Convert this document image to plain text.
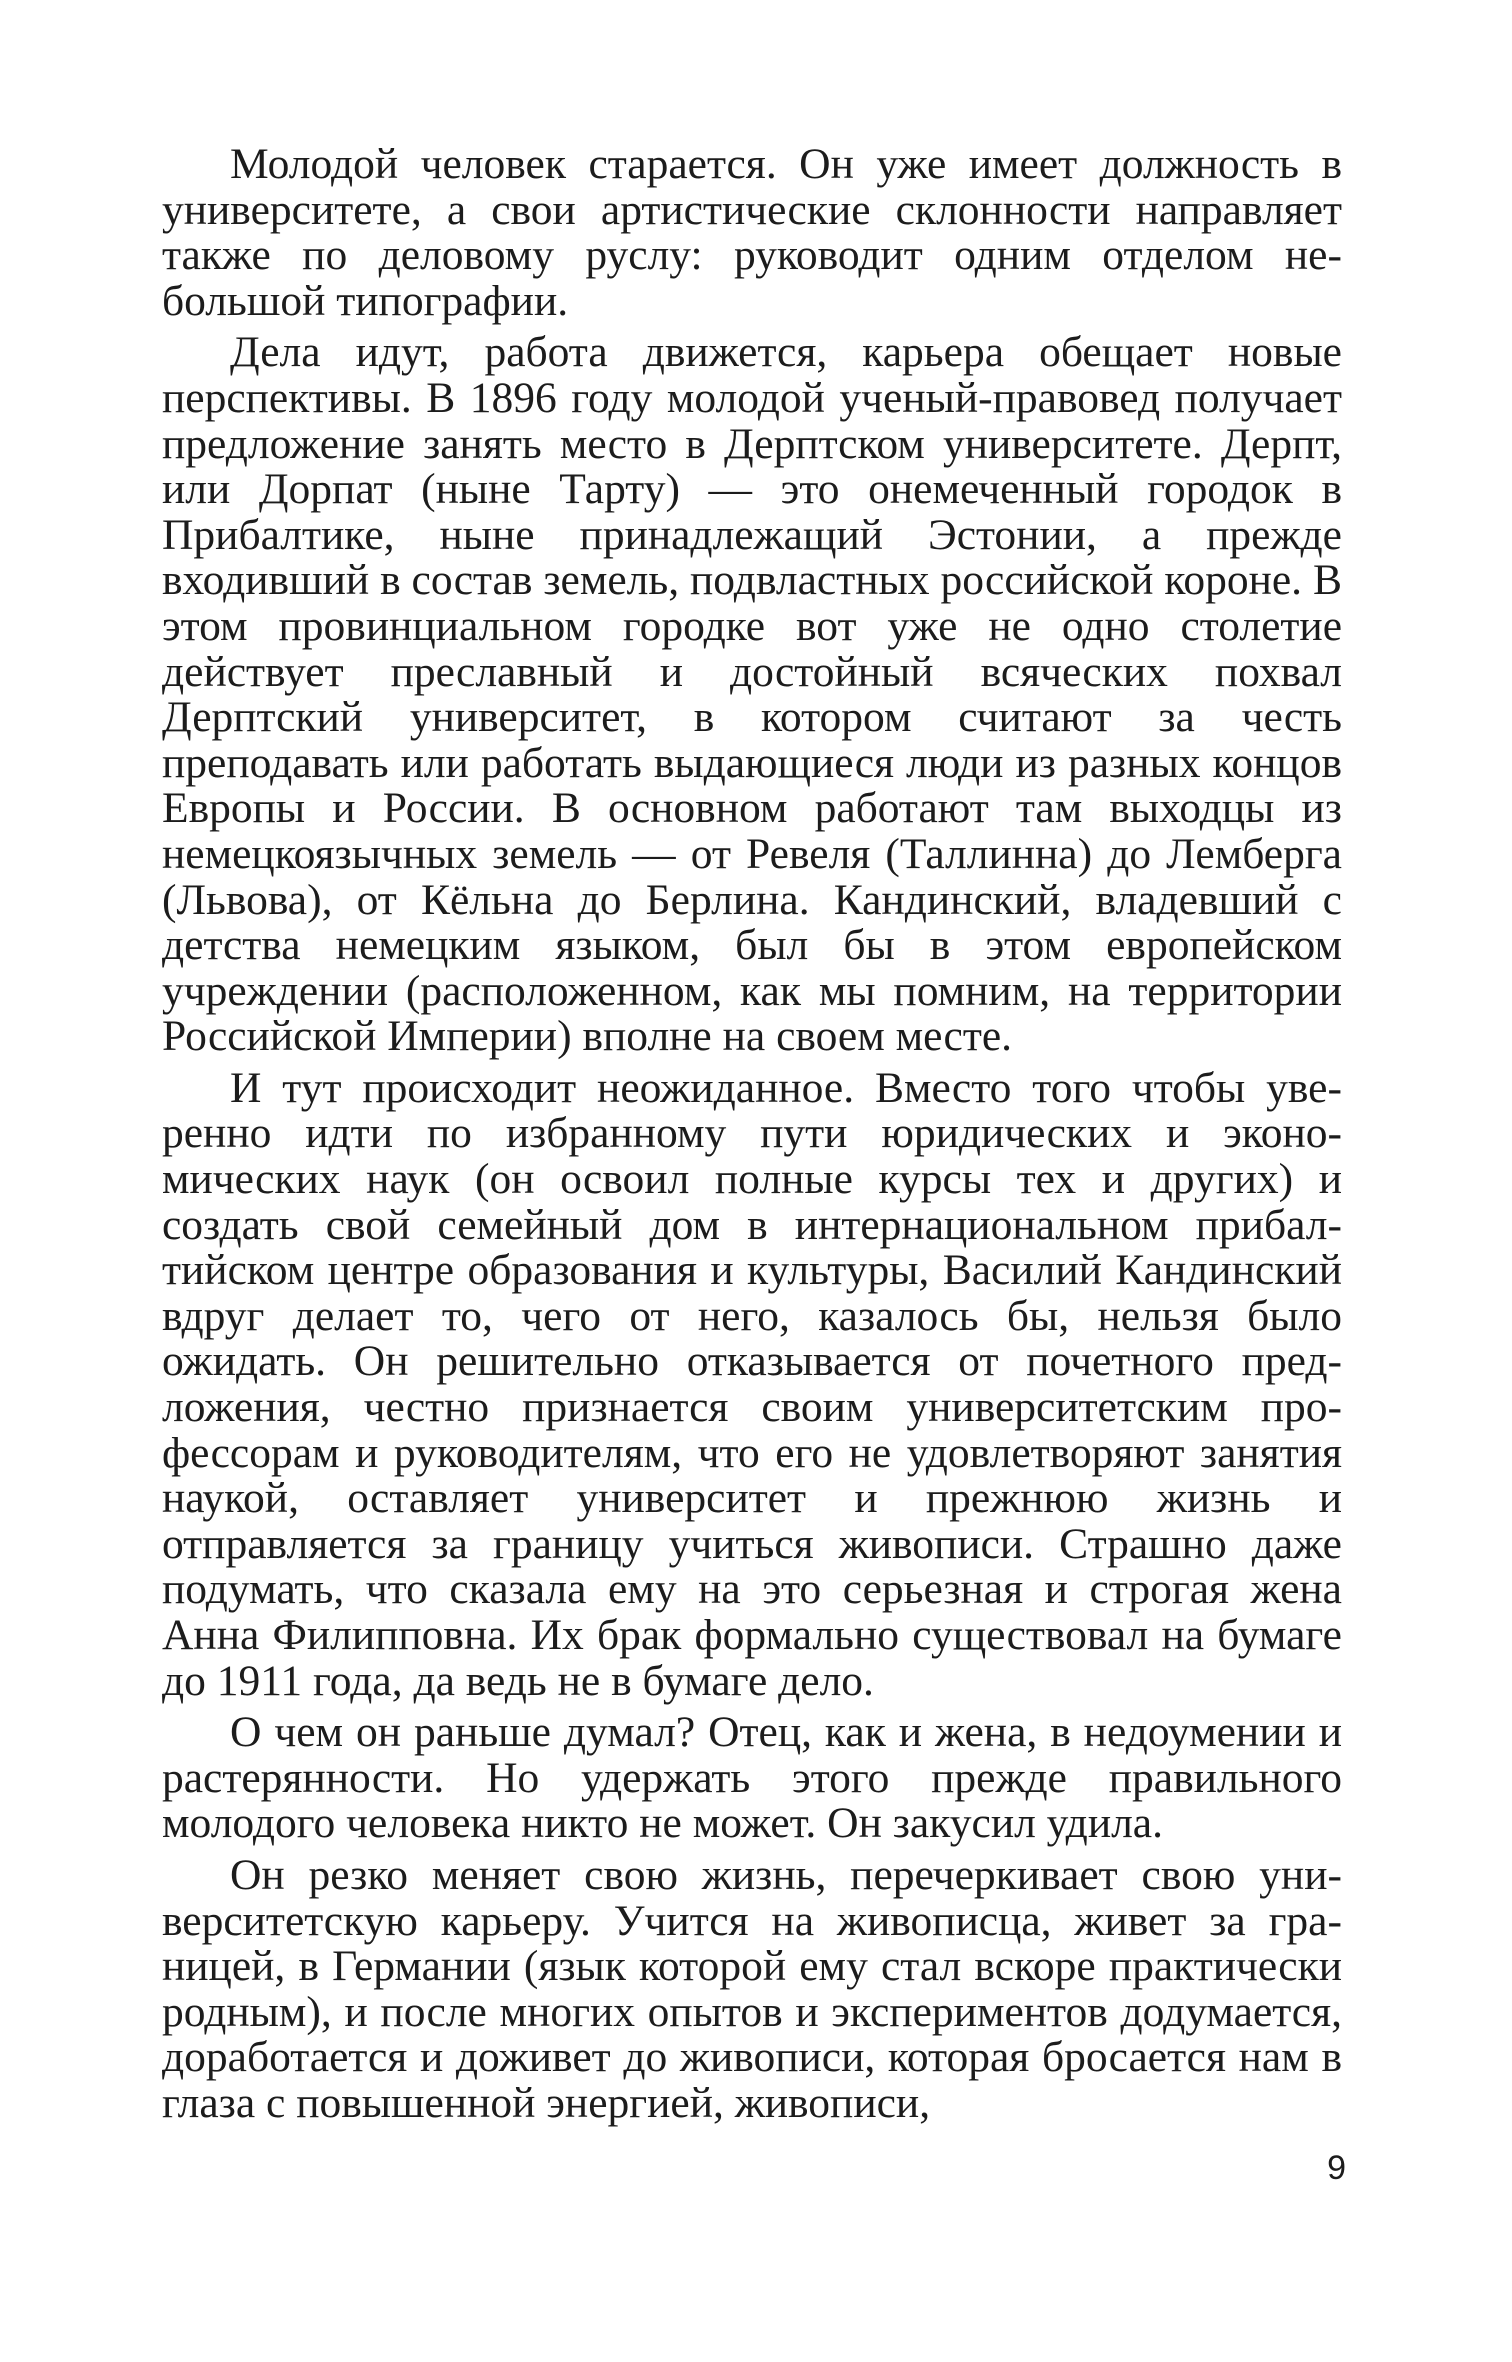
Молодой человек старается. Он уже имеет должность в университете, а свои артистические склонности направляет также по деловому руслу: руководит одним отделом небольшой типографии.

Дела идут, работа движется, карьера обещает новые перспективы. В 1896 году молодой ученый-правовед получает предложение занять место в Дерптском университете. Дерпт, или Дорпат (ныне Тарту) — это онемеченный городок в Прибалтике, ныне принадлежащий Эстонии, а прежде входивший в состав земель, подвластных российской короне. В этом провинциальном городке вот уже не одно столетие действует преславный и достойный всяческих похвал Дерптский университет, в котором считают за честь преподавать или работать выдающиеся люди из разных концов Европы и России. В основном работают там выходцы из немецкоязычных земель — от Ревеля (Таллинна) до Лемберга (Львова), от Кёльна до Берлина. Кандинский, владевший с детства немецким языком, был бы в этом европейском учреждении (расположенном, как мы помним, на территории Российской Империи) вполне на своем месте.

И тут происходит неожиданное. Вместо того чтобы уверенно идти по избранному пути юридических и экономических наук (он освоил полные курсы тех и других) и создать свой семейный дом в интернациональном прибалтийском центре образования и культуры, Василий Кандинский вдруг делает то, чего от него, казалось бы, нельзя было ожидать. Он решительно отказывается от почетного предложения, честно признается своим университетским профессорам и руководителям, что его не удовлетворяют занятия наукой, оставляет университет и прежнюю жизнь и отправляется за границу учиться живописи. Страшно даже подумать, что сказала ему на это серьезная и строгая жена Анна Филипповна. Их брак формально существовал на бумаге до 1911 года, да ведь не в бумаге дело.

О чем он раньше думал? Отец, как и жена, в недоумении и растерянности. Но удержать этого прежде правильного молодого человека никто не может. Он закусил удила.

Он резко меняет свою жизнь, перечеркивает свою университетскую карьеру. Учится на живописца, живет за границей, в Германии (язык которой ему стал вскоре практически родным), и после многих опытов и экспериментов додумается, доработается и доживет до живописи, которая бросается нам в глаза с повышенной энергией, живописи,

9
